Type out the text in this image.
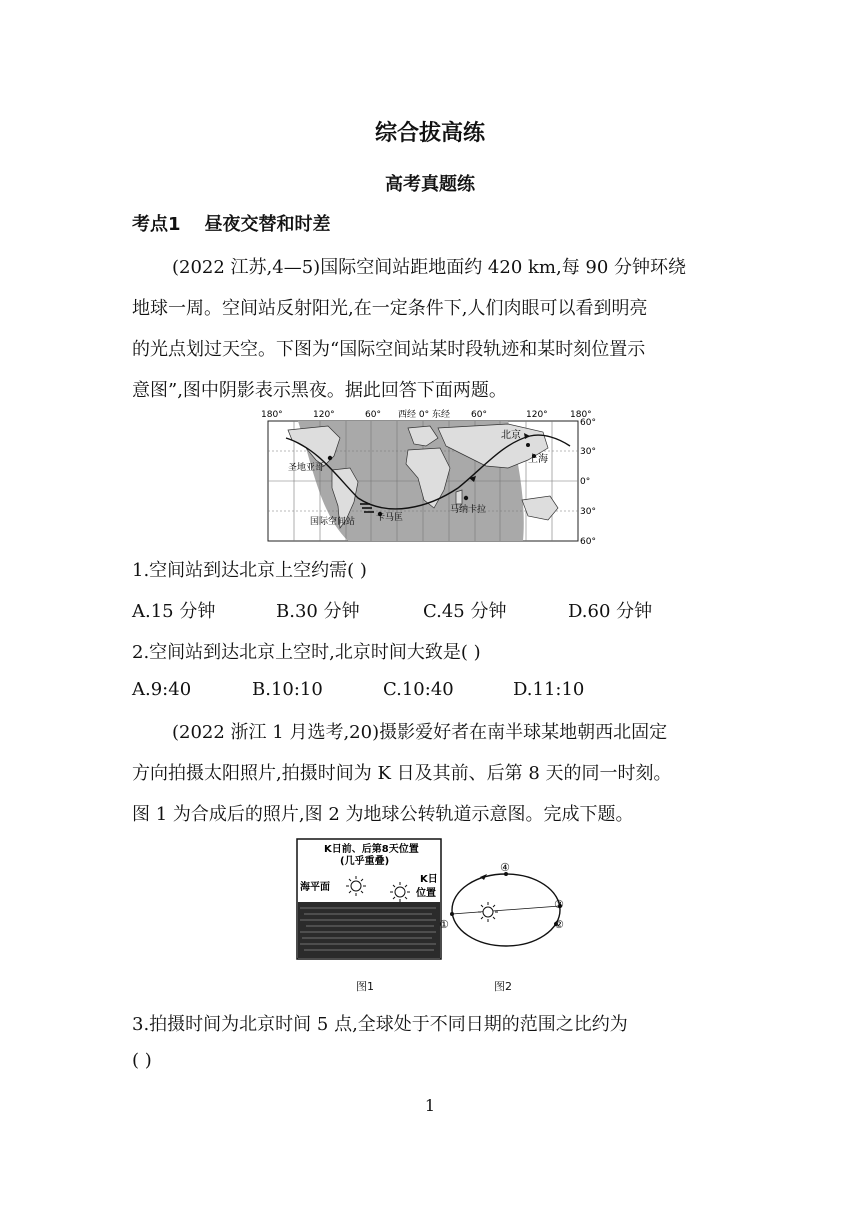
综合拔高练
高考真题练
考点1 昼夜交替和时差
(2022 江苏,4—5)国际空间站距地面约 420 km,每 90 分钟环绕
地球一周。空间站反射阳光,在一定条件下,人们肉眼可以看到明亮
的光点划过天空。下图为“国际空间站某时段轨迹和某时刻位置示
意图”,图中阴影表示黑夜。据此回答下面两题。
180°	120°	60° 西经 0° 东经 60°	120° 180°
北京
上海
圣地亚哥
国际空间站 卡马匡
马纳卡拉
60°
30°
0°
30°
60°
1.空间站到达北京上空约需( )
A.15 分钟	B.30 分钟	C.45 分钟	D.60 分钟
2.空间站到达北京上空时,北京时间大致是( )
A.9:40	B.10:10	C.10:40	D.11:10
(2022 浙江 1 月选考,20)摄影爱好者在南半球某地朝西北固定
方向拍摄太阳照片,拍摄时间为 K 日及其前、后第 8 天的同一时刻。
图 1 为合成后的照片,图 2 为地球公转轨道示意图。完成下题。
K日前、后第8天位置
(几乎重叠)
海平面
K日
位置
图1
④
③
②
①
图2
3.拍摄时间为北京时间 5 点,全球处于不同日期的范围之比约为
( )
1
